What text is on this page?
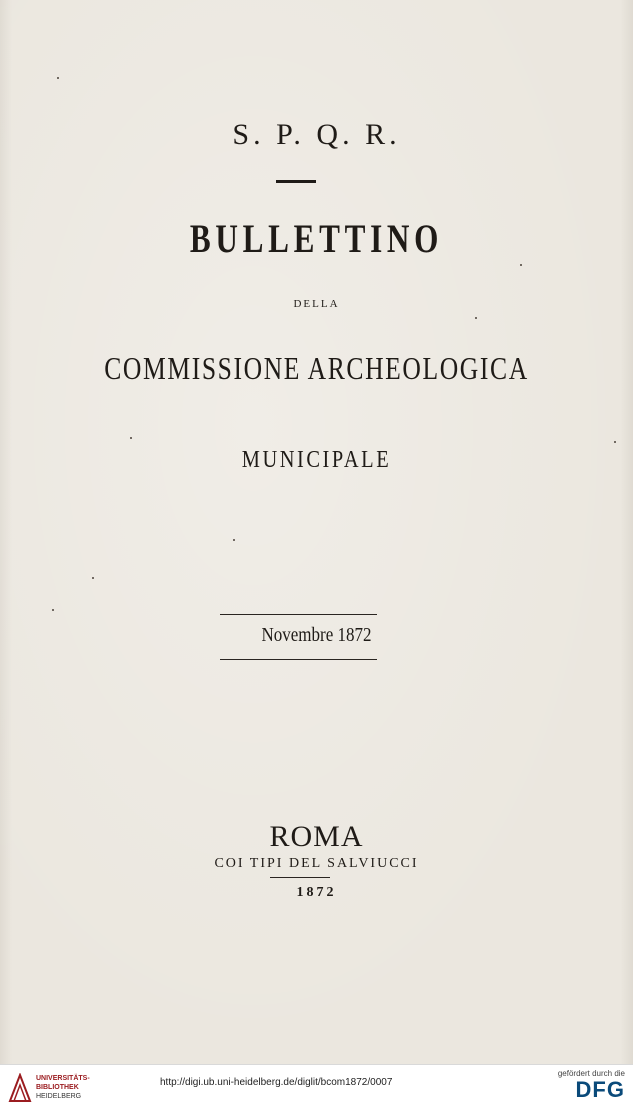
S. P. Q. R.
BULLETTINO
DELLA
COMMISSIONE ARCHEOLOGICA
MUNICIPALE
Novembre 1872
ROMA
COI TIPI DEL SALVIUCCI
1872
UNIVERSITÄTS-
BIBLIOTHEK
HEIDELBERG
http://digi.ub.uni-heidelberg.de/diglit/bcom1872/0007
gefördert durch die
DFG
